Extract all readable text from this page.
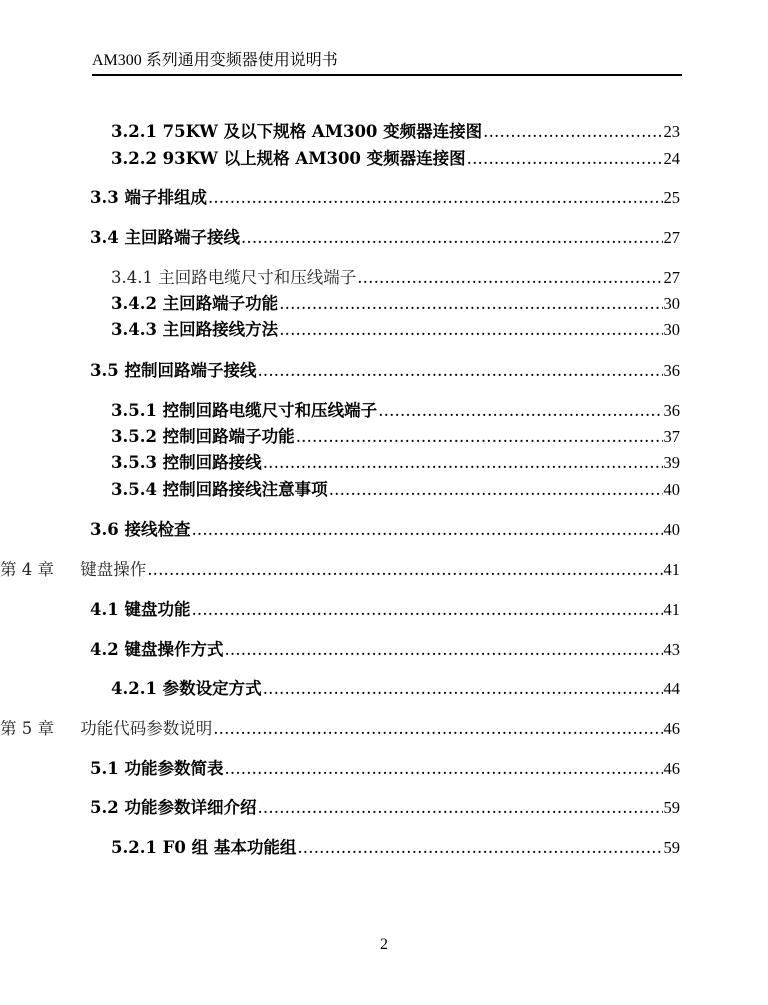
AM300 系列通用变频器使用说明书
3.2.1 75KW 及以下规格 AM300 变频器连接图 .....	23
3.2.2 93KW 以上规格 AM300 变频器连接图 .....	24
3.3 端子排组成 .....	25
3.4 主回路端子接线 .....	27
3.4.1 主回路电缆尺寸和压线端子 .....	27
3.4.2 主回路端子功能 .....	30
3.4.3 主回路接线方法 .....	30
3.5 控制回路端子接线 .....	36
3.5.1 控制回路电缆尺寸和压线端子 .....	36
3.5.2 控制回路端子功能 .....	37
3.5.3 控制回路接线 .....	39
3.5.4 控制回路接线注意事项 .....	40
3.6 接线检查 .....	40
第 4 章     键盘操作 .....	41
4.1 键盘功能 .....	41
4.2 键盘操作方式 .....	43
4.2.1 参数设定方式 .....	44
第 5 章     功能代码参数说明 .....	46
5.1 功能参数简表 .....	46
5.2 功能参数详细介绍 .....	59
5.2.1 F0 组 基本功能组 .....	59
2
